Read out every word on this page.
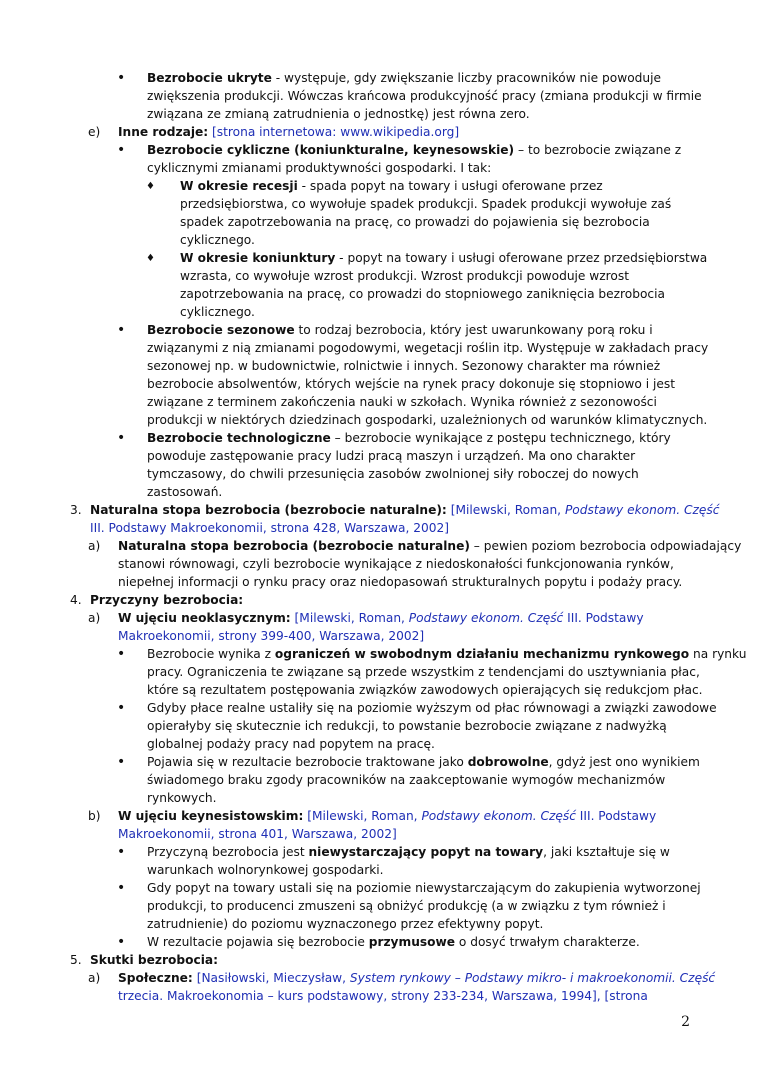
• Bezrobocie ukryte - występuje, gdy zwiększanie liczby pracowników nie powoduje
zwiększenia produkcji. Wówczas krańcowa produkcyjność pracy (zmiana produkcji w firmie
związana ze zmianą zatrudnienia o jednostkę) jest równa zero.
e) Inne rodzaje: [strona internetowa: www.wikipedia.org]
• Bezrobocie cykliczne (koniunkturalne, keynesowskie) – to bezrobocie związane z
cyklicznymi zmianami produktywności gospodarki. I tak:
♦ W okresie recesji - spada popyt na towary i usługi oferowane przez
przedsiębiorstwa, co wywołuje spadek produkcji. Spadek produkcji wywołuje zaś
spadek zapotrzebowania na pracę, co prowadzi do pojawienia się bezrobocia
cyklicznego.
♦ W okresie koniunktury - popyt na towary i usługi oferowane przez przedsiębiorstwa
wzrasta, co wywołuje wzrost produkcji. Wzrost produkcji powoduje wzrost
zapotrzebowania na pracę, co prowadzi do stopniowego zaniknięcia bezrobocia
cyklicznego.
• Bezrobocie sezonowe to rodzaj bezrobocia, który jest uwarunkowany porą roku i
związanymi z nią zmianami pogodowymi, wegetacji roślin itp. Występuje w zakładach pracy
sezonowej np. w budownictwie, rolnictwie i innych. Sezonowy charakter ma również
bezrobocie absolwentów, których wejście na rynek pracy dokonuje się stopniowo i jest
związane z terminem zakończenia nauki w szkołach. Wynika również z sezonowości
produkcji w niektórych dziedzinach gospodarki, uzależnionych od warunków klimatycznych.
• Bezrobocie technologiczne – bezrobocie wynikające z postępu technicznego, który
powoduje zastępowanie pracy ludzi pracą maszyn i urządzeń. Ma ono charakter
tymczasowy, do chwili przesunięcia zasobów zwolnionej siły roboczej do nowych
zastosowań.
3. Naturalna stopa bezrobocia (bezrobocie naturalne): [Milewski, Roman, Podstawy ekonom. Część
III. Podstawy Makroekonomii, strona 428, Warszawa, 2002]
a) Naturalna stopa bezrobocia (bezrobocie naturalne) – pewien poziom bezrobocia odpowiadający
stanowi równowagi, czyli bezrobocie wynikające z niedoskonałości funkcjonowania rynków,
niepełnej informacji o rynku pracy oraz niedopasowań strukturalnych popytu i podaży pracy.
4. Przyczyny bezrobocia:
a) W ujęciu neoklasycznym: [Milewski, Roman, Podstawy ekonom. Część III. Podstawy
Makroekonomii, strony 399-400, Warszawa, 2002]
• Bezrobocie wynika z ograniczeń w swobodnym działaniu mechanizmu rynkowego na rynku
pracy. Ograniczenia te związane są przede wszystkim z tendencjami do usztywniania płac,
które są rezultatem postępowania związków zawodowych opierających się redukcjom płac.
• Gdyby płace realne ustaliły się na poziomie wyższym od płac równowagi a związki zawodowe
opierałyby się skutecznie ich redukcji, to powstanie bezrobocie związane z nadwyżką
globalnej podaży pracy nad popytem na pracę.
• Pojawia się w rezultacie bezrobocie traktowane jako dobrowolne, gdyż jest ono wynikiem
świadomego braku zgody pracowników na zaakceptowanie wymogów mechanizmów
rynkowych.
b) W ujęciu keynesistowskim: [Milewski, Roman, Podstawy ekonom. Część III. Podstawy
Makroekonomii, strona 401, Warszawa, 2002]
• Przyczyną bezrobocia jest niewystarczający popyt na towary, jaki kształtuje się w
warunkach wolnorynkowej gospodarki.
• Gdy popyt na towary ustali się na poziomie niewystarczającym do zakupienia wytworzonej
produkcji, to producenci zmuszeni są obniżyć produkcję (a w związku z tym również i
zatrudnienie) do poziomu wyznaczonego przez efektywny popyt.
• W rezultacie pojawia się bezrobocie przymusowe o dosyć trwałym charakterze.
5. Skutki bezrobocia:
a) Społeczne: [Nasiłowski, Mieczysław, System rynkowy – Podstawy mikro- i makroekonomii. Część
trzecia. Makroekonomia – kurs podstawowy, strony 233-234, Warszawa, 1994], [strona
2
